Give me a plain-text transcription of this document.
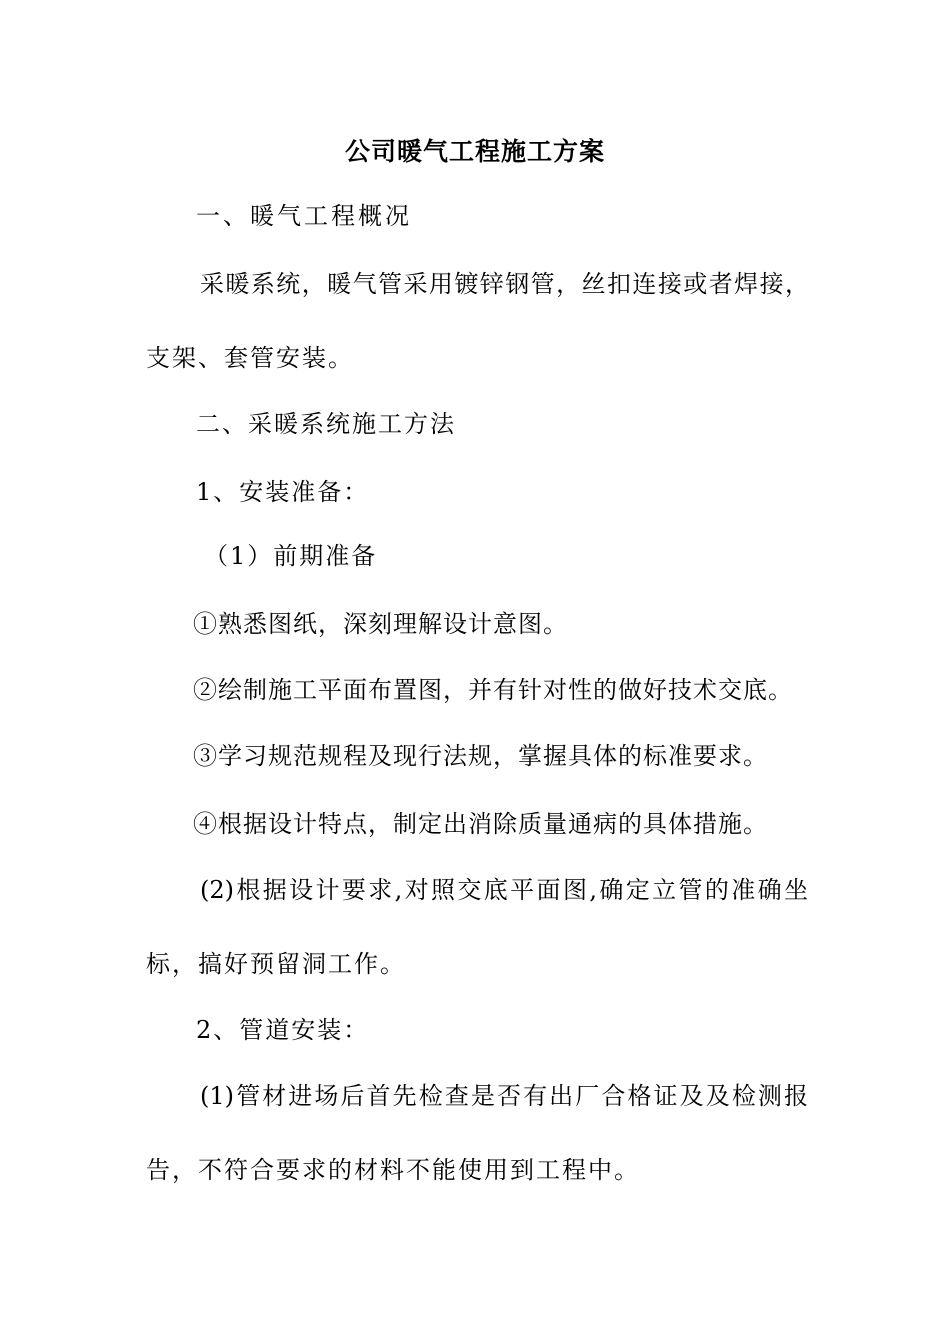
公司暖气工程施工方案
一、暖气工程概况
采暖系统，暖气管采用镀锌钢管，丝扣连接或者焊接，
支架、套管安装。
二、采暖系统施工方法
1、安装准备：
（1）前期准备
①熟悉图纸，深刻理解设计意图。
②绘制施工平面布置图，并有针对性的做好技术交底。
③学习规范规程及现行法规，掌握具体的标准要求。
④根据设计特点，制定出消除质量通病的具体措施。
(2)根据设计要求,对照交底平面图,确定立管的准确坐
标，搞好预留洞工作。
2、管道安装：
(1)管材进场后首先检查是否有出厂合格证及及检测报
告，不符合要求的材料不能使用到工程中。
